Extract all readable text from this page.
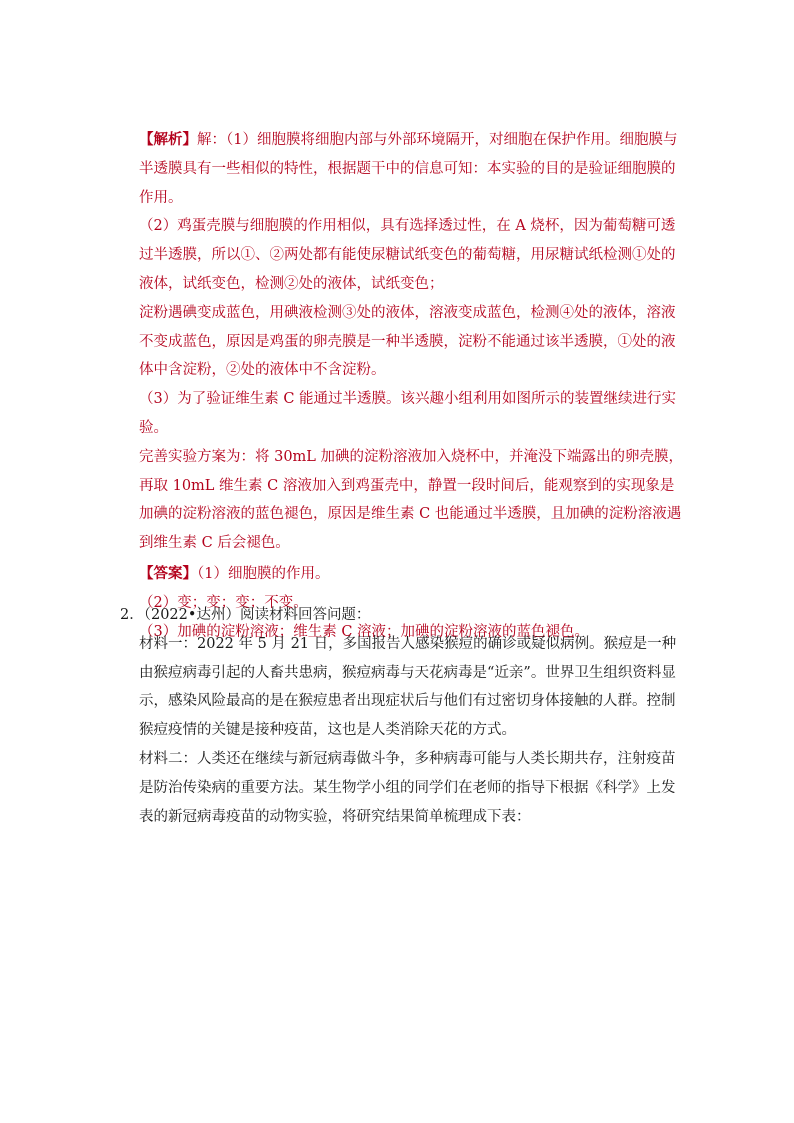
【解析】解：（1）细胞膜将细胞内部与外部环境隔开，对细胞在保护作用。细胞膜与半透膜具有一些相似的特性，根据题干中的信息可知：本实验的目的是验证细胞膜的作用。

（2）鸡蛋壳膜与细胞膜的作用相似，具有选择透过性，在 A 烧杯，因为葡萄糖可透过半透膜，所以①、②两处都有能使尿糖试纸变色的葡萄糖，用尿糖试纸检测①处的液体，试纸变色，检测②处的液体，试纸变色；

淀粉遇碘变成蓝色，用碘液检测③处的液体，溶液变成蓝色，检测④处的液体，溶液不变成蓝色，原因是鸡蛋的卵壳膜是一种半透膜，淀粉不能通过该半透膜，①处的液体中含淀粉，②处的液体中不含淀粉。

（3）为了验证维生素 C 能通过半透膜。该兴趣小组利用如图所示的装置继续进行实验。

完善实验方案为：将 30mL 加碘的淀粉溶液加入烧杯中，并淹没下端露出的卵壳膜，再取 10mL 维生素 C 溶液加入到鸡蛋壳中，静置一段时间后，能观察到的实现象是加碘的淀粉溶液的蓝色褪色，原因是维生素 C 也能通过半透膜，且加碘的淀粉溶液遇到维生素 C 后会褪色。

【答案】（1）细胞膜的作用。

（2）变；变；变；不变。

（3）加碘的淀粉溶液；维生素 C 溶液；加碘的淀粉溶液的蓝色褪色。

2．（2022•达州）阅读材料回答问题：

材料一：2022 年 5 月 21 日，多国报告人感染猴痘的确诊或疑似病例。猴痘是一种由猴痘病毒引起的人畜共患病，猴痘病毒与天花病毒是“近亲”。世界卫生组织资料显示，感染风险最高的是在猴痘患者出现症状后与他们有过密切身体接触的人群。控制猴痘疫情的关键是接种疫苗，这也是人类消除天花的方式。

材料二：人类还在继续与新冠病毒做斗争，多种病毒可能与人类长期共存，注射疫苗是防治传染病的重要方法。某生物学小组的同学们在老师的指导下根据《科学》上发表的新冠病毒疫苗的动物实验，将研究结果简单梳理成下表：
